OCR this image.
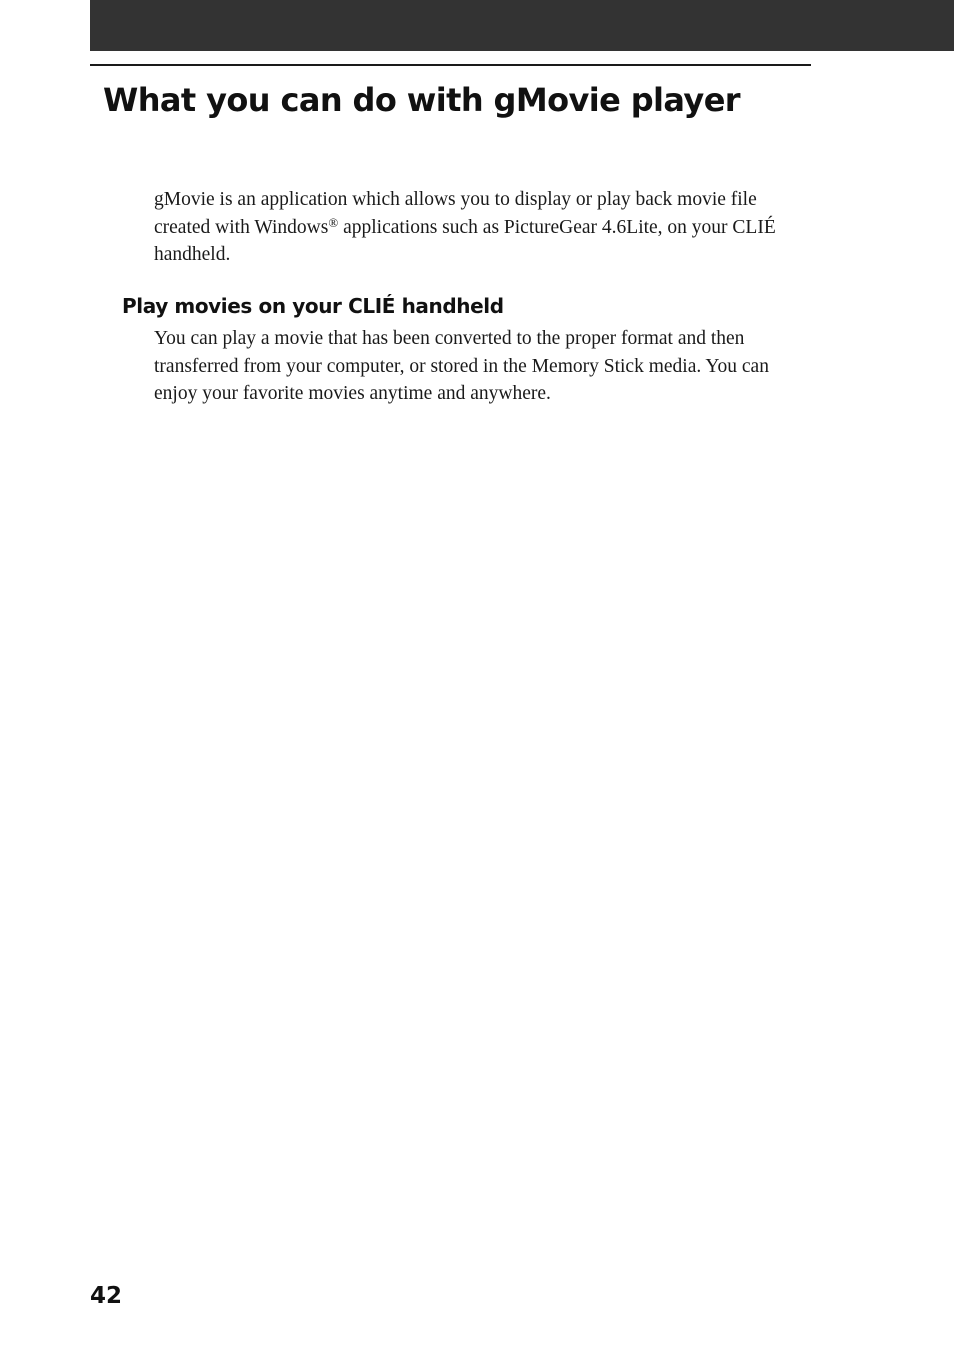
What you can do with gMovie player

gMovie is an application which allows you to display or play back movie file created with Windows® applications such as PictureGear 4.6Lite, on your CLIÉ handheld.

Play movies on your CLIÉ handheld

You can play a movie that has been converted to the proper format and then transferred from your computer, or stored in the Memory Stick media. You can enjoy your favorite movies anytime and anywhere.

42
